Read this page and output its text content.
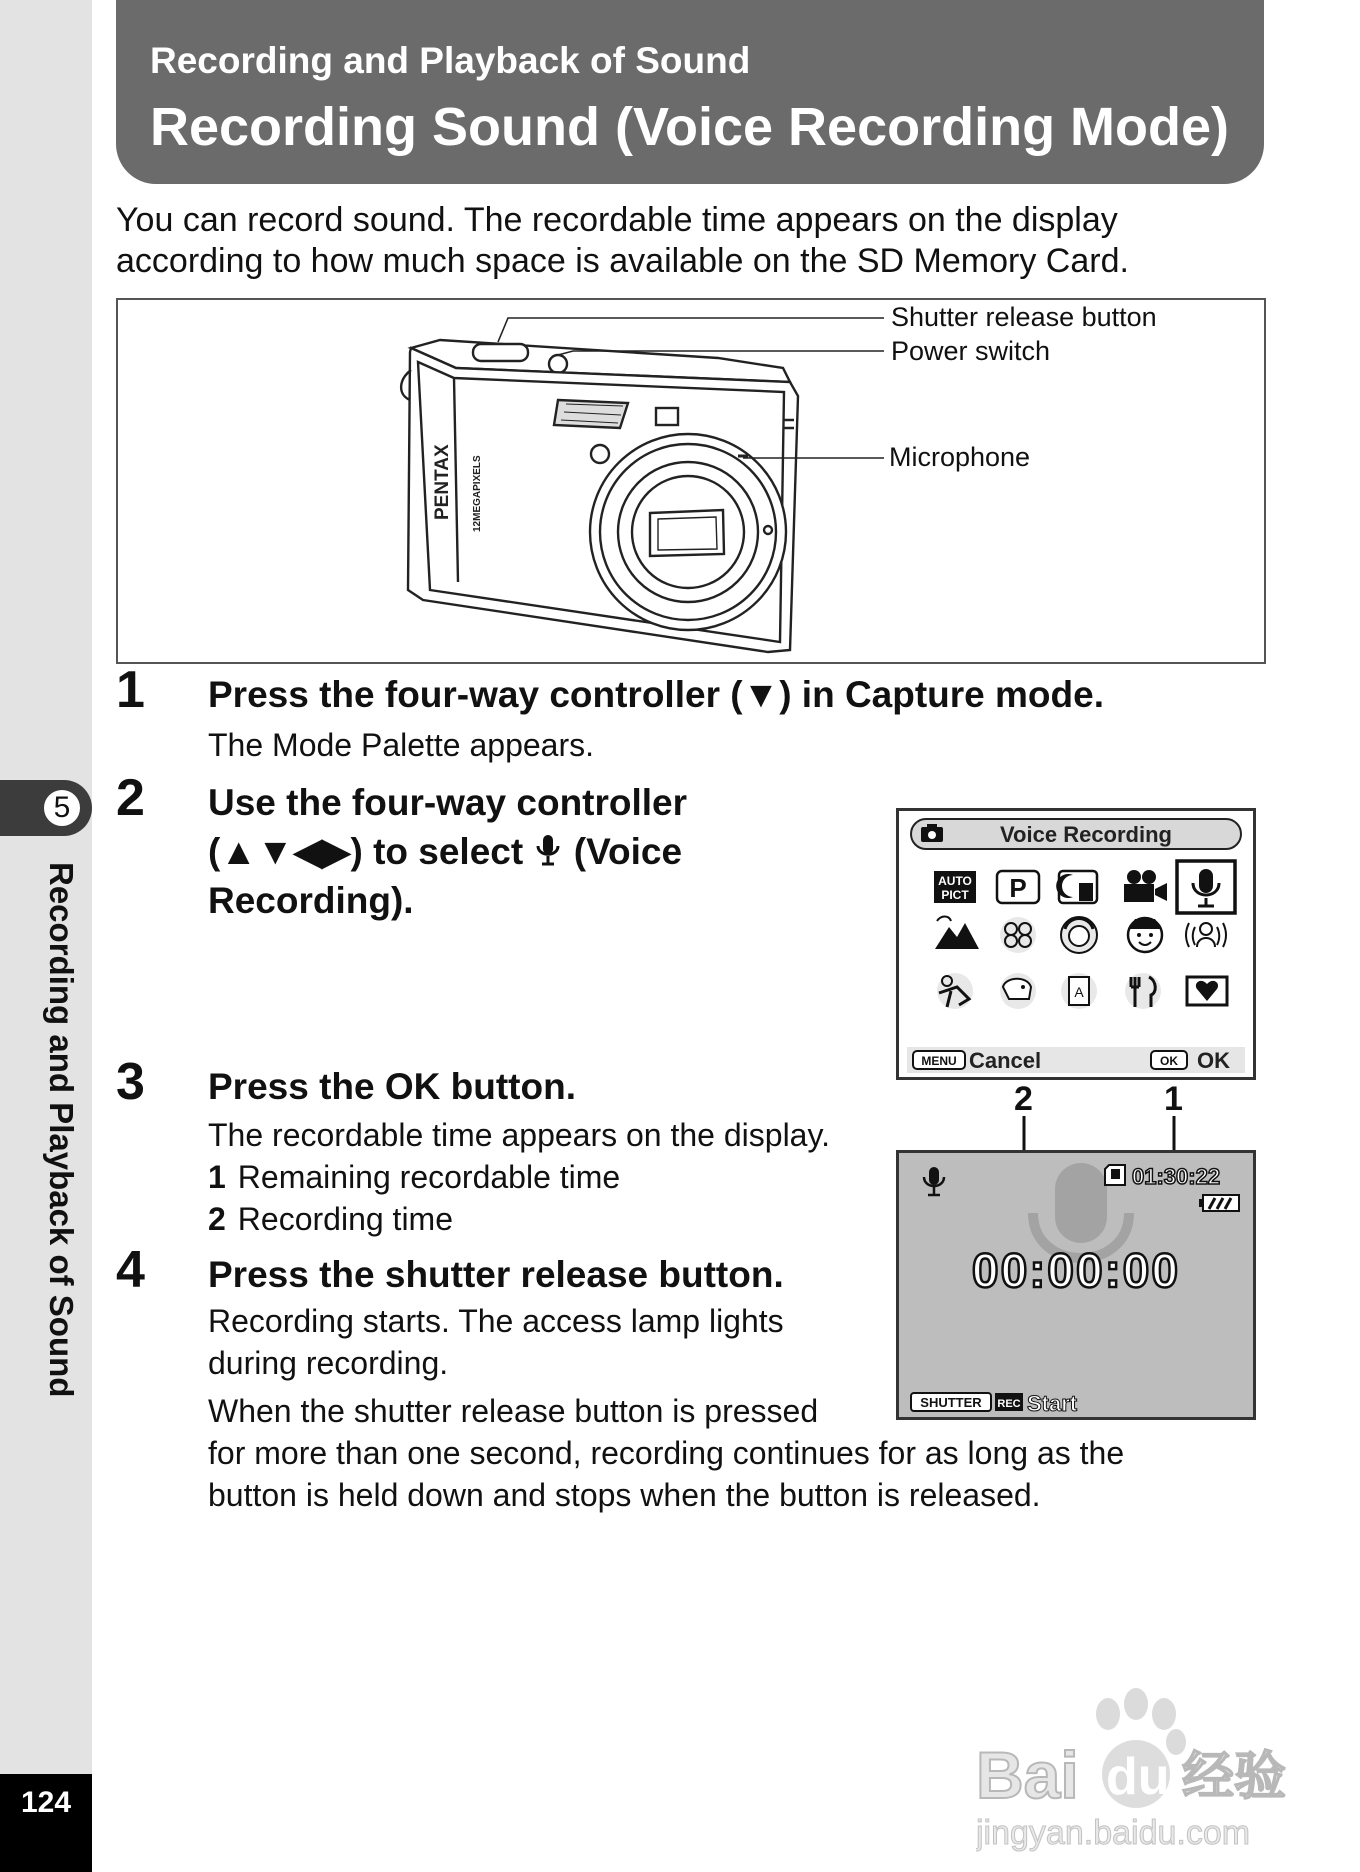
5
Recording and Playback of Sound
124
Recording and Playback of Sound
Recording Sound (Voice Recording Mode)

You can record sound. The recordable time appears on the display

according to how much space is available on the SD Memory Card.

PENTAX 12MEGAPIXELS
Shutter release button
Power switch
Microphone
1 Press the four-way controller (▼) in Capture mode.

The Mode Palette appears.

2 Use the four-way controller
(▲▼◀▶) to select (Voice
Recording).
Voice Recording
AUTO
PICT P
A
MENU Cancel	OK OK
3 Press the OK button.

The recordable time appears on the display.

1 Remaining recordable time

2 Recording time

2	1
01:30:22
00:00:00
SHUTTER REC Start
4 Press the shutter release button.

Recording starts. The access lamp lights

during recording.

When the shutter release button is pressed

for more than one second, recording continues for as long as the

button is held down and stops when the button is released.

Bai du 经验
jingyan.baidu.com
